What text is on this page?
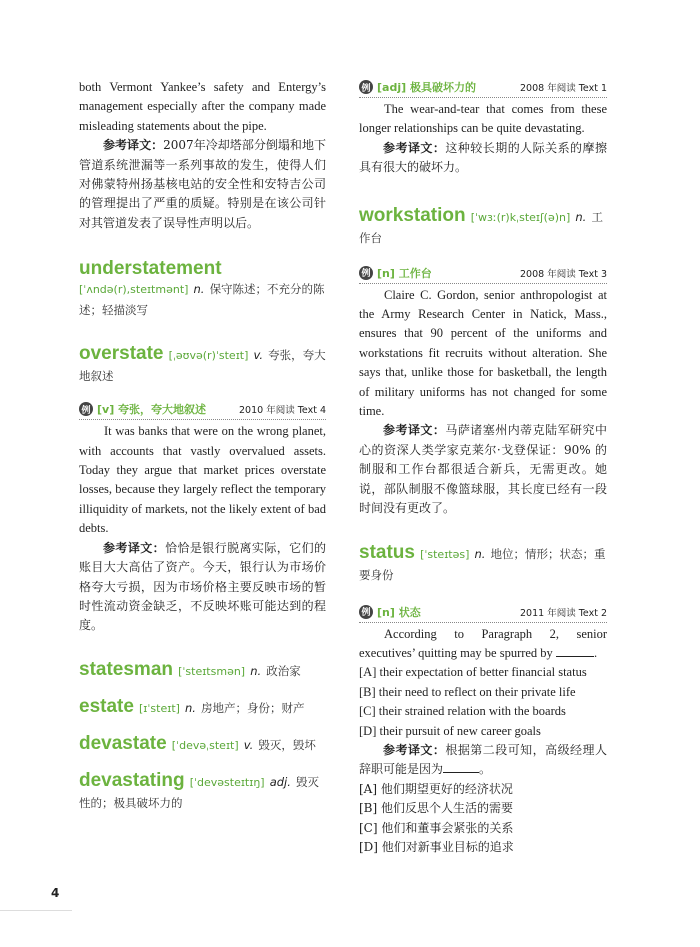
both Vermont Yankee’s safety and Entergy’s management especially after the company made misleading statements about the pipe.

参考译文：2007年冷却塔部分倒塌和地下管道系统泄漏等一系列事故的发生，使得人们对佛蒙特州扬基核电站的安全性和安特吉公司的管理提出了严重的质疑。特别是在该公司针对其管道发表了误导性声明以后。

understatement
[ˈʌndə(r),steɪtmənt] n. 保守陈述；不充分的陈述；轻描淡写

overstate [ˌəʊvə(r)ˈsteɪt] v. 夸张，夸大地叙述

例 [v] 夸张，夸大地叙述	2010 年阅读 Text 4

It was banks that were on the wrong planet, with accounts that vastly overvalued assets. Today they argue that market prices overstate losses, because they largely reflect the temporary illiquidity of markets, not the likely extent of bad debts.

参考译文：恰恰是银行脱离实际，它们的账目大大高估了资产。今天，银行认为市场价格夸大亏损，因为市场价格主要反映市场的暂时性流动资金缺乏，不反映坏账可能达到的程度。

statesman [ˈsteɪtsmən] n. 政治家

estate [ɪˈsteɪt] n. 房地产；身份；财产

devastate [ˈdevəˌsteɪt] v. 毁灭，毁坏

devastating [ˈdevəsteɪtɪŋ] adj. 毁灭性的；极具破坏力的

例 [adj] 极具破坏力的	2008 年阅读 Text 1

The wear-and-tear that comes from these longer relationships can be quite devastating.

参考译文：这种较长期的人际关系的摩擦具有很大的破坏力。

workstation [ˈwɜː(r)kˌsteɪʃ(ə)n] n. 工作台

例 [n] 工作台	2008 年阅读 Text 3

Claire C. Gordon, senior anthropologist at the Army Research Center in Natick, Mass., ensures that 90 percent of the uniforms and workstations fit recruits without alteration. She says that, unlike those for basketball, the length of military uniforms has not changed for some time.

参考译文：马萨诸塞州内蒂克陆军研究中心的资深人类学家克莱尔·戈登保证：90% 的制服和工作台都很适合新兵，无需更改。她说，部队制服不像篮球服，其长度已经有一段时间没有更改了。

status [ˈsteɪtəs] n. 地位；情形；状态；重要身份

例 [n] 状态	2011 年阅读 Text 2

According to Paragraph 2, senior executives’ quitting may be spurred by	.

[A] their expectation of better financial status

[B] their need to reflect on their private life

[C] their strained relation with the boards

[D] their pursuit of new career goals

参考译文：根据第二段可知，高级经理人辞职可能是因为	。

[A] 他们期望更好的经济状况

[B] 他们反思个人生活的需要

[C] 他们和董事会紧张的关系

[D] 他们对新事业目标的追求

4
